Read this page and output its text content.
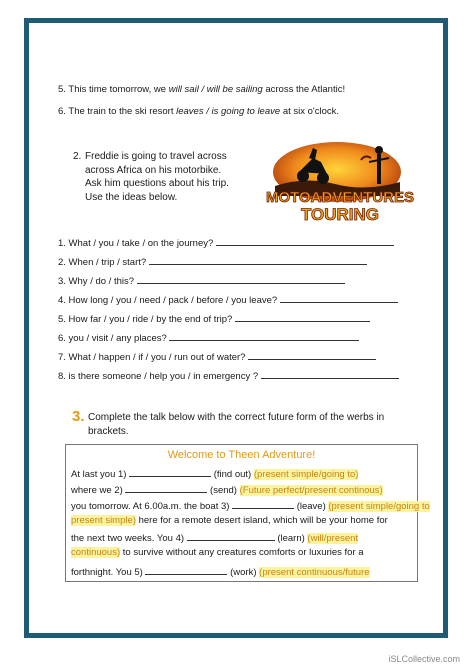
5. This time tomorrow, we will sail / will be sailing across the Atlantic!
6. The train to the ski resort leaves / is going to leave at six o'clock.
2. Freddie is going to travel across
across Africa on his motorbike.
Ask him questions about his trip.
Use the ideas below.	MOTOADVENTURES
TOURING
1. What / you / take / on the journey?
2. When / trip / start?
3. Why / do / this?
4. How long / you / need / pack / before / you leave?
5. How far / you / ride / by the end of trip?
6. you / visit / any places?
7. What / happen / if / you / run out of water?
8. is there someone / help you / in emergency ?
3. Complete the talk below with the correct future form of the werbs in
brackets.
Welcome to Theen Adventure!
At last you 1)	(find out) (present simple/going to)
where we 2)	(send) (Future perfect/present continous)
you tomorrow. At 6.00a.m. the boat 3)	(leave) (present simple/going to
present simple) here for a remote desert island, which will be your home for
the next two weeks. You 4)	(learn) (will/present
continuous) to survive without any creatures comforts or luxuries for a
forthnight. You 5)	(work) (present continuous/future
iSLCollective.com
